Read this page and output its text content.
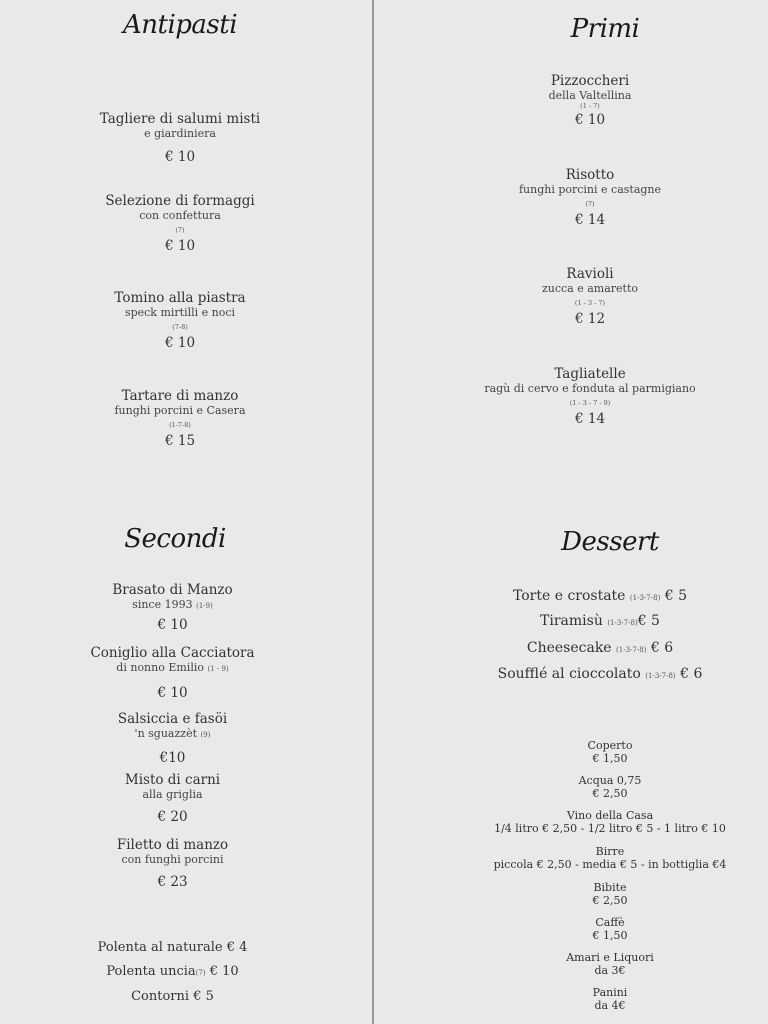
Antipasti
Tagliere di salumi misti
e giardiniera
€ 10
Selezione di formaggi
con confettura
(7)
€ 10
Tomino alla piastra
speck mirtilli e noci
(7-8)
€ 10
Tartare di manzo
funghi porcini e Casera
(1-7-8)
€ 15
Primi
Pizzoccheri
della Valtellina
(1 - 7)
€ 10
Risotto
funghi porcini e castagne
(7)
€ 14
Ravioli
zucca e amaretto
(1 - 3 - 7)
€ 12
Tagliatelle
ragù di cervo e fonduta al parmigiano
(1 - 3 - 7 - 9)
€ 14
Secondi
Brasato di Manzo
since 1993 (1-9)
€ 10
Coniglio alla Cacciatora
di nonno Emilio (1 - 9)
€ 10
Salsiccia e fasöi
'n sguazzèt (9)
€10
Misto di carni
alla griglia
€ 20
Filetto di manzo
con funghi porcini
€ 23
Polenta al naturale € 4
Polenta uncia(7) € 10
Contorni € 5
Dessert
Torte e crostate (1-3-7-8) € 5
Tiramisù (1-3-7-8)€ 5
Cheesecake (1-3-7-8) € 6
Soufflé al cioccolato (1-3-7-8) € 6
Coperto
€ 1,50
Acqua 0,75
€ 2,50
Vino della Casa
1/4 litro € 2,50 - 1/2 litro € 5 - 1 litro € 10
Birre
piccola € 2,50 - media € 5 - in bottiglia €4
Bibite
€ 2,50
Caffè
€ 1,50
Amari e Liquori
da 3€
Panini
da 4€
